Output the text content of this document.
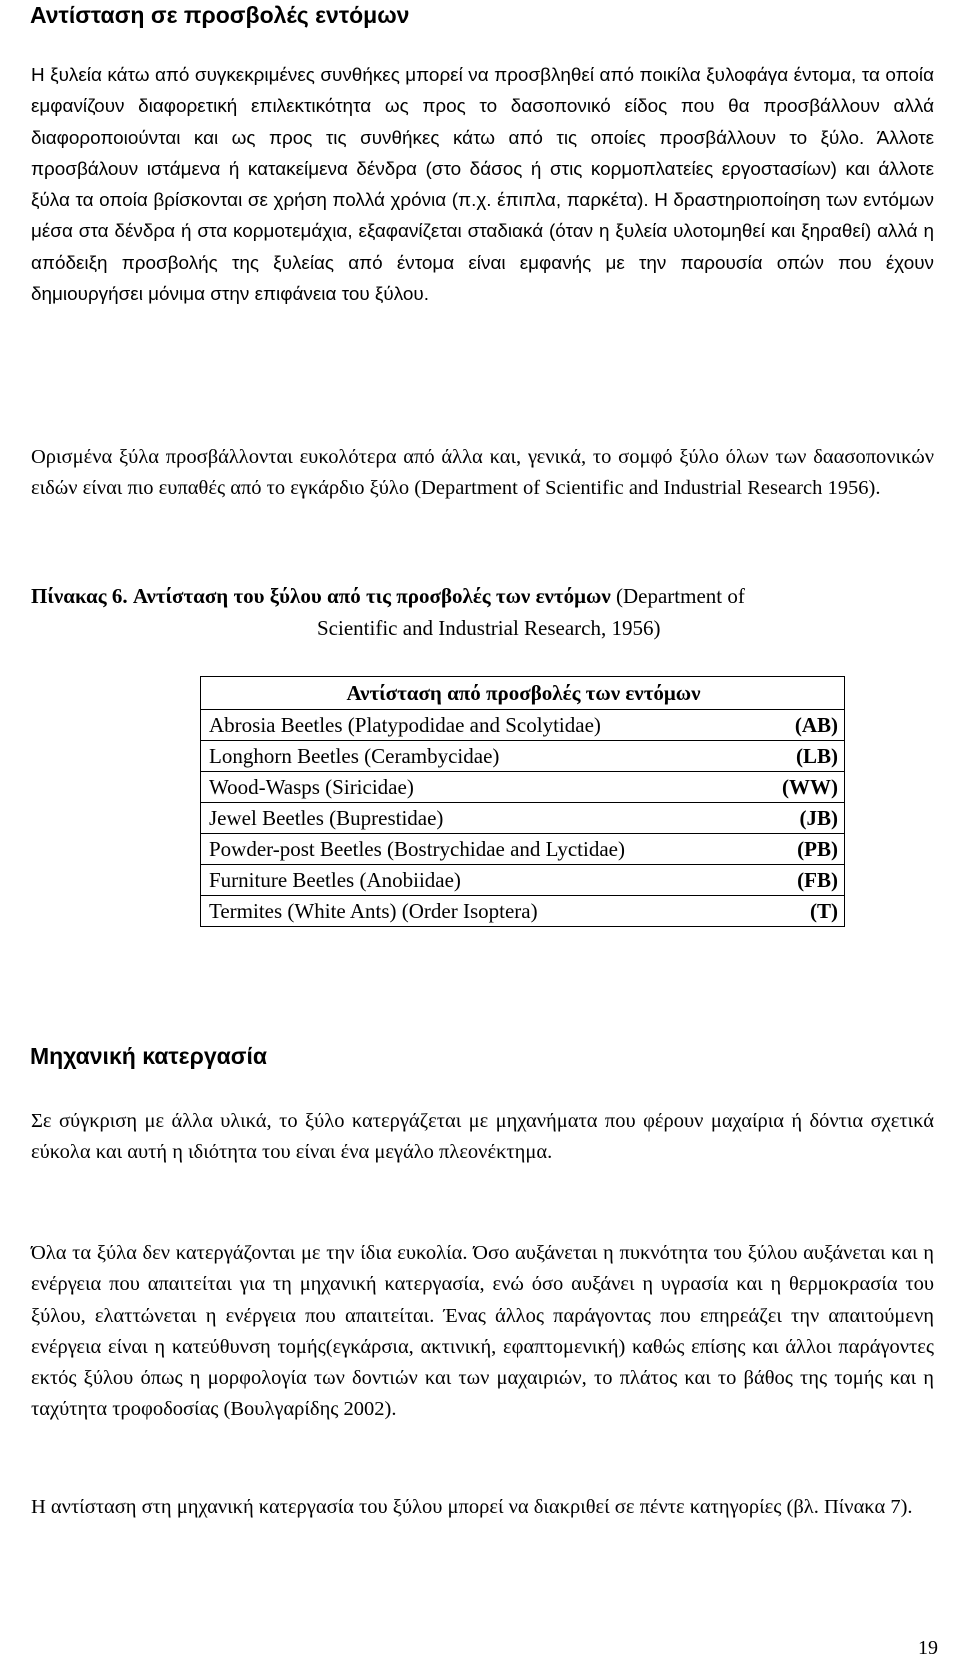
Αντίσταση σε προσβολές εντόμων

Η ξυλεία κάτω από συγκεκριμένες συνθήκες μπορεί να προσβληθεί από ποικίλα ξυλοφάγα έντομα, τα οποία εμφανίζουν διαφορετική επιλεκτικότητα ως προς το δασοπονικό είδος που θα προσβάλλουν αλλά διαφοροποιούνται και ως προς τις συνθήκες κάτω από τις οποίες προσβάλλουν το ξύλο. Άλλοτε προσβάλουν ιστάμενα ή κατακείμενα δένδρα (στο δάσος ή στις κορμοπλατείες εργοστασίων) και άλλοτε ξύλα τα οποία βρίσκονται σε χρήση πολλά χρόνια (π.χ. έπιπλα, παρκέτα). Η δραστηριοποίηση των εντόμων μέσα στα δένδρα ή στα κορμοτεμάχια, εξαφανίζεται σταδιακά (όταν η ξυλεία υλοτομηθεί και ξηραθεί) αλλά η απόδειξη προσβολής της ξυλείας από έντομα είναι εμφανής με την παρουσία οπών που έχουν δημιουργήσει μόνιμα στην επιφάνεια του ξύλου.

Ορισμένα ξύλα προσβάλλονται ευκολότερα από άλλα και, γενικά, το σομφό ξύλο όλων των δαασοπονικών ειδών είναι πιο ευπαθές από το εγκάρδιο ξύλο (Department of Scientific and Industrial Research 1956).

Πίνακας 6. Αντίσταση του ξύλου από τις προσβολές των εντόμων (Department of
Scientific and Industrial Research, 1956)
Αντίσταση από προσβολές των εντόμων	
Abrosia Beetles (Platypodidae and Scolytidae)	(AB)
Longhorn Beetles (Cerambycidae)	(LB)
Wood-Wasps (Siricidae)	(WW)
Jewel Beetles (Buprestidae)	(JB)
Powder-post Beetles (Bostrychidae and Lyctidae)	(PB)
Furniture Beetles (Anobiidae)	(FB)
Termites (White Ants) (Order Isoptera)	(T)
Μηχανική κατεργασία

Σε σύγκριση με άλλα υλικά, το ξύλο κατεργάζεται με μηχανήματα που φέρουν μαχαίρια ή δόντια σχετικά εύκολα και αυτή η ιδιότητα του είναι ένα μεγάλο πλεονέκτημα.

Όλα τα ξύλα δεν κατεργάζονται με την ίδια ευκολία. Όσο αυξάνεται η πυκνότητα του ξύλου αυξάνεται και η ενέργεια που απαιτείται για τη μηχανική κατεργασία, ενώ όσο αυξάνει η υγρασία και η θερμοκρασία του ξύλου, ελαττώνεται η ενέργεια που απαιτείται. Ένας άλλος παράγοντας που επηρεάζει την απαιτούμενη ενέργεια είναι η κατεύθυνση τομής(εγκάρσια, ακτινική, εφαπτομενική) καθώς επίσης και άλλοι παράγοντες εκτός ξύλου όπως η μορφολογία των δοντιών και των μαχαιριών, το πλάτος και το βάθος της τομής και η ταχύτητα τροφοδοσίας (Βουλγαρίδης 2002).

Η αντίσταση στη μηχανική κατεργασία του ξύλου μπορεί να διακριθεί σε πέντε κατηγορίες (βλ. Πίνακα 7).

19
